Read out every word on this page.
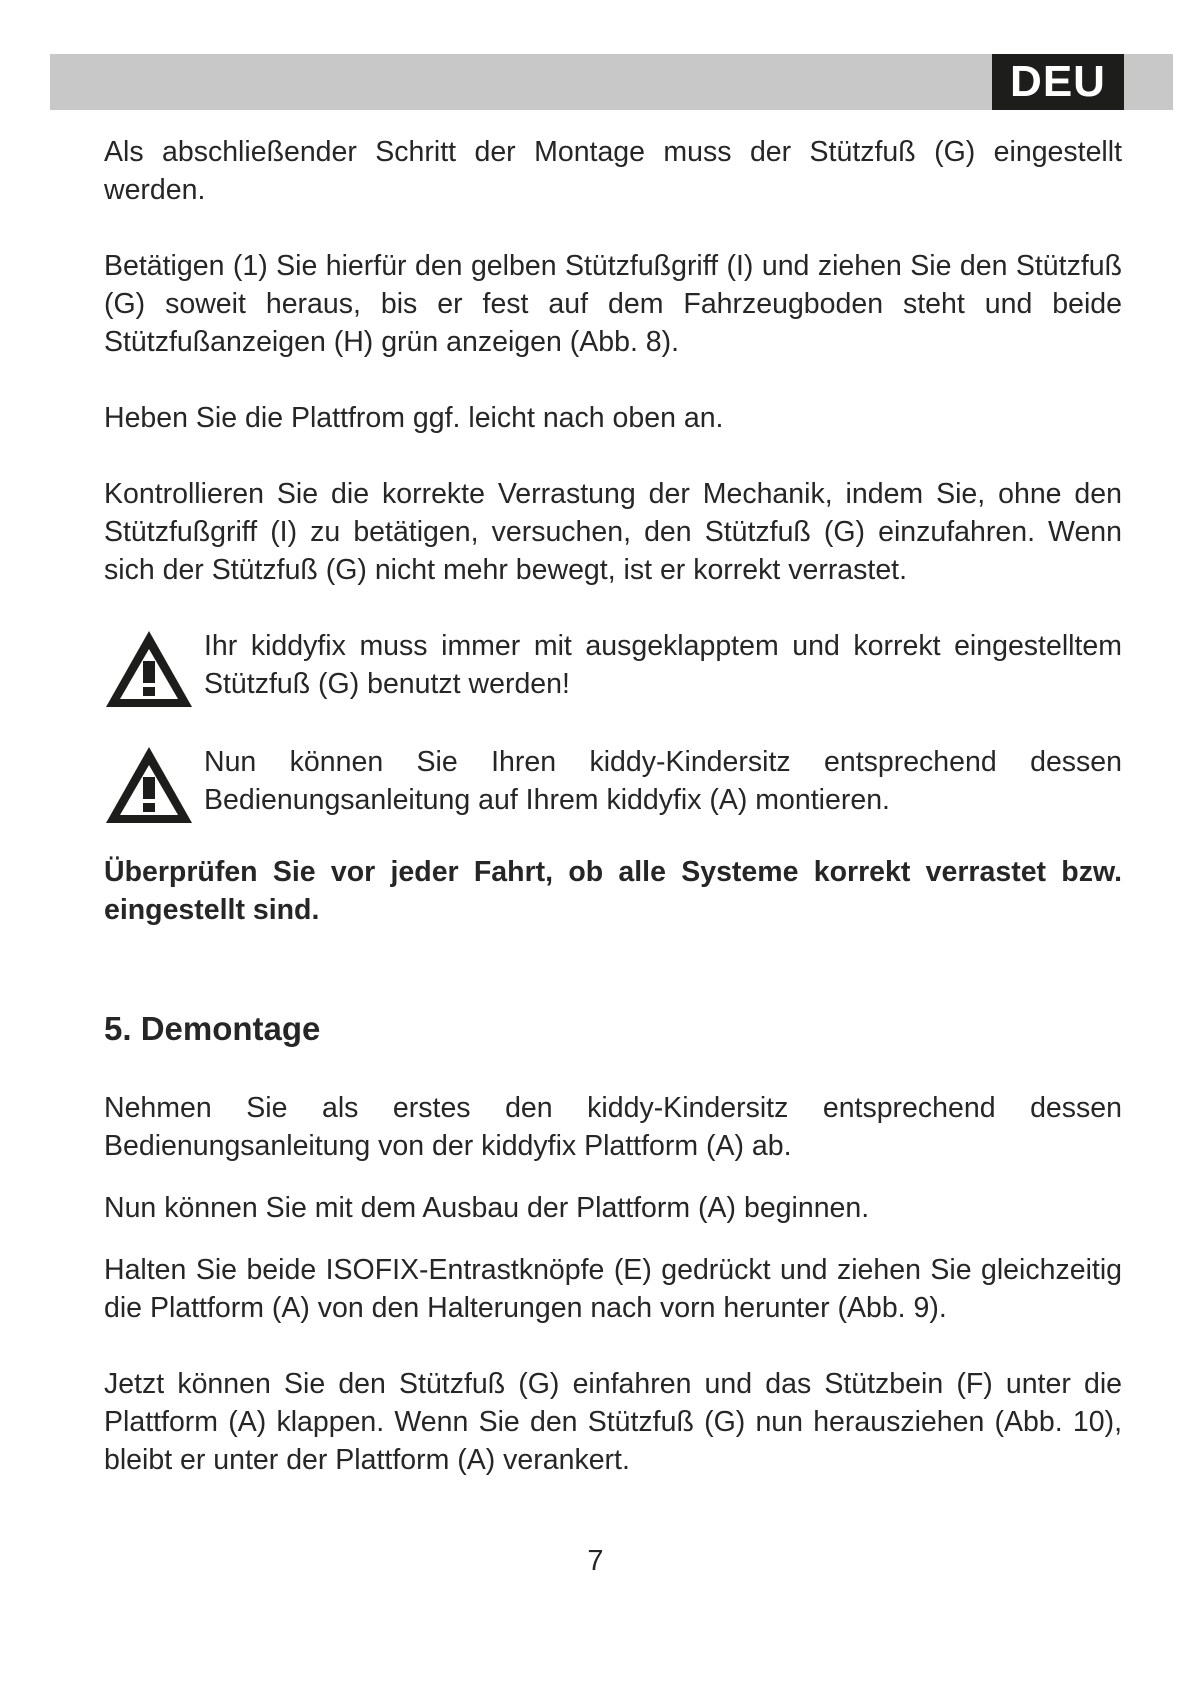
DEU

Als abschließender Schritt der Montage muss der Stützfuß (G) eingestellt werden.

Betätigen (1) Sie hierfür den gelben Stützfußgriff (I) und ziehen Sie den Stützfuß (G) soweit heraus, bis er fest auf dem Fahrzeugboden steht und beide Stützfußanzeigen (H) grün anzeigen (Abb. 8).

Heben Sie die Plattfrom ggf. leicht nach oben an.

Kontrollieren Sie die korrekte Verrastung der Mechanik, indem Sie, ohne den Stützfußgriff (I) zu betätigen, versuchen, den Stützfuß (G) einzufahren. Wenn sich der Stützfuß (G) nicht mehr bewegt, ist er korrekt verrastet.

Ihr kiddyfix muss immer mit ausgeklapptem und korrekt eingestelltem Stützfuß (G) benutzt werden!

Nun können Sie Ihren kiddy-Kindersitz entsprechend dessen Bedienungsanleitung auf Ihrem kiddyfix (A) montieren.

Überprüfen Sie vor jeder Fahrt, ob alle Systeme korrekt verrastet bzw. eingestellt sind.

5. Demontage

Nehmen Sie als erstes den kiddy-Kindersitz entsprechend dessen Bedienungsanleitung von der kiddyfix Plattform (A) ab.

Nun können Sie mit dem Ausbau der Plattform (A) beginnen.

Halten Sie beide ISOFIX-Entrastknöpfe (E) gedrückt und ziehen Sie gleichzeitig die Plattform (A) von den Halterungen nach vorn herunter (Abb. 9).

Jetzt können Sie den Stützfuß (G) einfahren und das Stützbein (F) unter die Plattform (A) klappen. Wenn Sie den Stützfuß (G) nun herausziehen (Abb. 10), bleibt er unter der Plattform (A) verankert.

7
